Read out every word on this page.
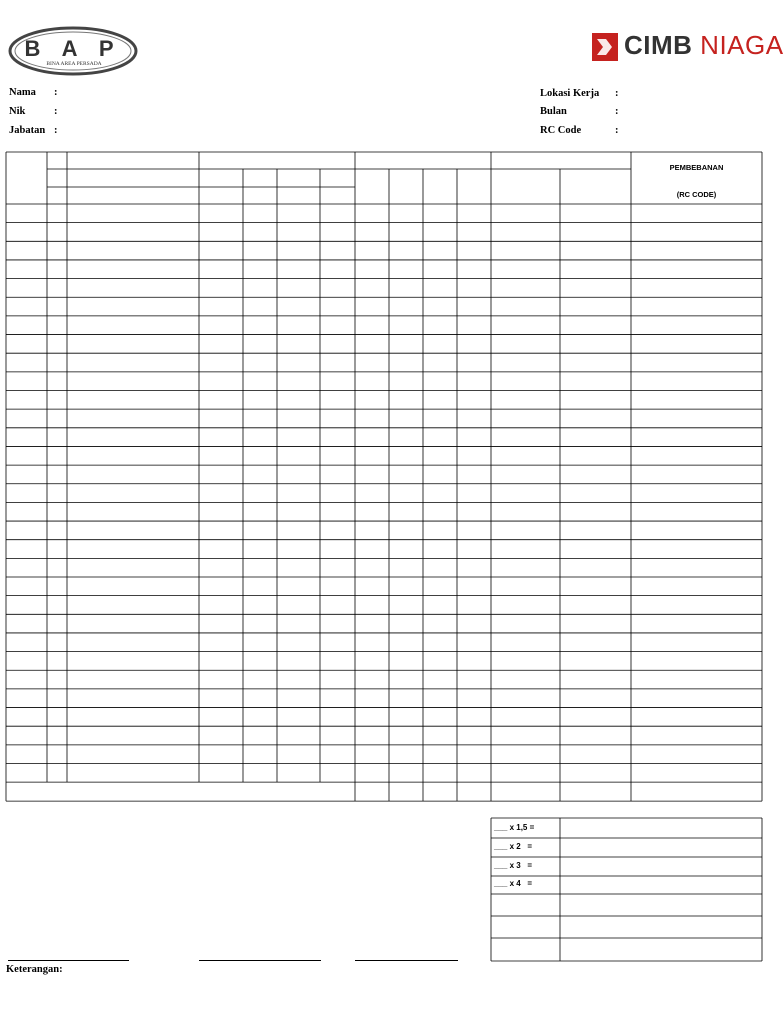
B A P
BINA AREA PERSADA
CIMB NIAGA
Nama :
Nik	:
Jabatan :
Lokasi Kerja :
Bulan	:
RC Code	:
PEMBEBANAN
(RC CODE)
___ x 1,5 =
___ x 2   =
___ x 3   =
___ x 4   =
Keterangan:
